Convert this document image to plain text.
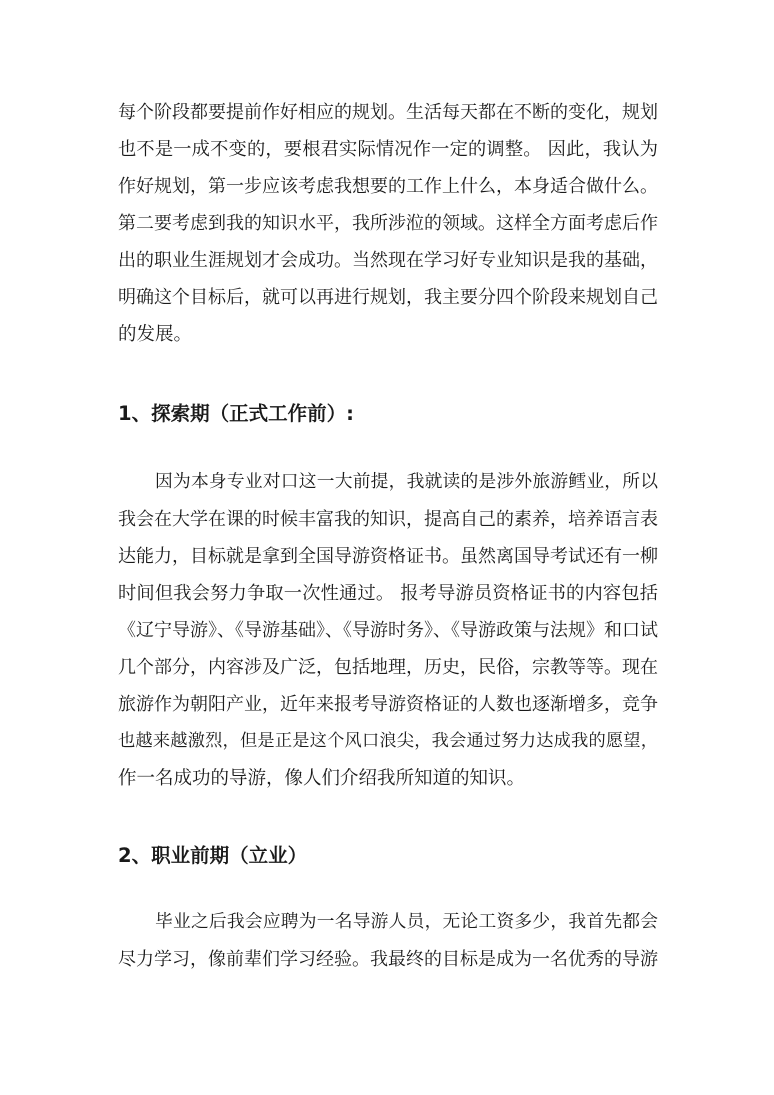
每个阶段都要提前作好相应的规划。生活每天都在不断的变化，规划
也不是一成不变的，要根君实际情况作一定的调整。 因此，我认为
作好规划，第一步应该考虑我想要的工作上什么，本身适合做什么。
第二要考虑到我的知识水平，我所涉涖的领域。这样全方面考虑后作
出的职业生涯规划才会成功。当然现在学习好专业知识是我的基础，
明确这个目标后，就可以再进行规划，我主要分四个阶段来规划自己
的发展。
1、探索期（正式工作前）:
因为本身专业对口这一大前提，我就读的是涉外旅游鳕业，所以
我会在大学在课的时候丰富我的知识，提高自己的素养，培养语言表
达能力，目标就是拿到全国导游资格证书。虽然离国导考试还有一柳
时间但我会努力争取一次性通过。 报考导游员资格证书的内容包括
《辽宁导游》、《导游基础》、《导游时务》、《导游政策与法规》和口试
几个部分，内容涉及广泛，包括地理，历史，民俗，宗教等等。现在
旅游作为朝阳产业，近年来报考导游资格证的人数也逐渐增多，竞争
也越来越激烈，但是正是这个风口浪尖，我会通过努力达成我的愿望，
作一名成功的导游，像人们介绍我所知道的知识。
2、职业前期（立业）
毕业之后我会应聘为一名导游人员，无论工资多少，我首先都会
尽力学习，像前辈们学习经验。我最终的目标是成为一名优秀的导游
